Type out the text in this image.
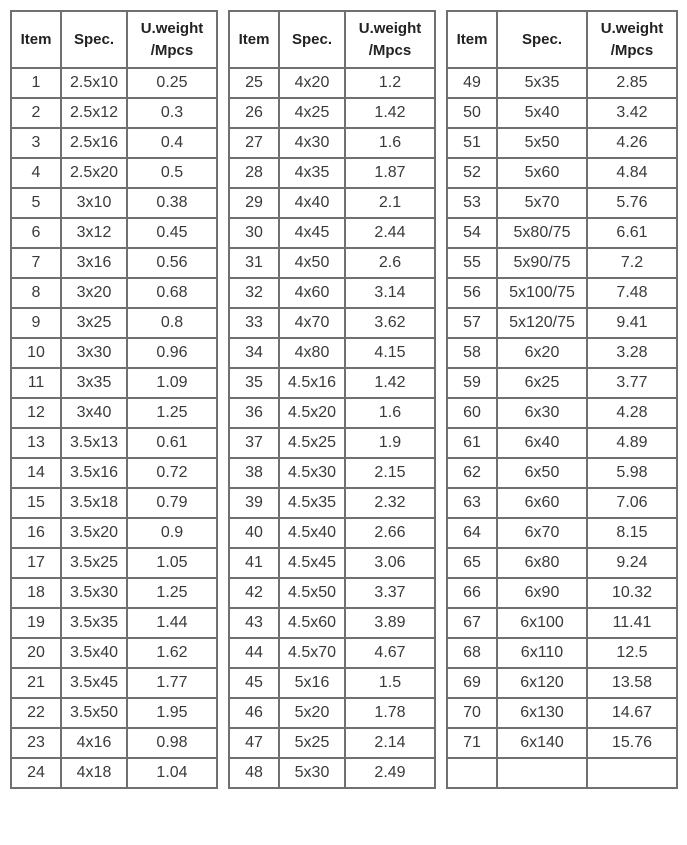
Item	Spec.	U.weight
/Mpcs
1	2.5x10	0.25
2	2.5x12	0.3
3	2.5x16	0.4
4	2.5x20	0.5
5	3x10	0.38
6	3x12	0.45
7	3x16	0.56
8	3x20	0.68
9	3x25	0.8
10	3x30	0.96
11	3x35	1.09
12	3x40	1.25
13	3.5x13	0.61
14	3.5x16	0.72
15	3.5x18	0.79
16	3.5x20	0.9
17	3.5x25	1.05
18	3.5x30	1.25
19	3.5x35	1.44
20	3.5x40	1.62
21	3.5x45	1.77
22	3.5x50	1.95
23	4x16	0.98
24	4x18	1.04
Item	Spec.	U.weight
/Mpcs
25	4x20	1.2
26	4x25	1.42
27	4x30	1.6
28	4x35	1.87
29	4x40	2.1
30	4x45	2.44
31	4x50	2.6
32	4x60	3.14
33	4x70	3.62
34	4x80	4.15
35	4.5x16	1.42
36	4.5x20	1.6
37	4.5x25	1.9
38	4.5x30	2.15
39	4.5x35	2.32
40	4.5x40	2.66
41	4.5x45	3.06
42	4.5x50	3.37
43	4.5x60	3.89
44	4.5x70	4.67
45	5x16	1.5
46	5x20	1.78
47	5x25	2.14
48	5x30	2.49
Item	Spec.	U.weight
/Mpcs
49	5x35	2.85
50	5x40	3.42
51	5x50	4.26
52	5x60	4.84
53	5x70	5.76
54	5x80/75	6.61
55	5x90/75	7.2
56	5x100/75	7.48
57	5x120/75	9.41
58	6x20	3.28
59	6x25	3.77
60	6x30	4.28
61	6x40	4.89
62	6x50	5.98
63	6x60	7.06
64	6x70	8.15
65	6x80	9.24
66	6x90	10.32
67	6x100	11.41
68	6x110	12.5
69	6x120	13.58
70	6x130	14.67
71	6x140	15.76
